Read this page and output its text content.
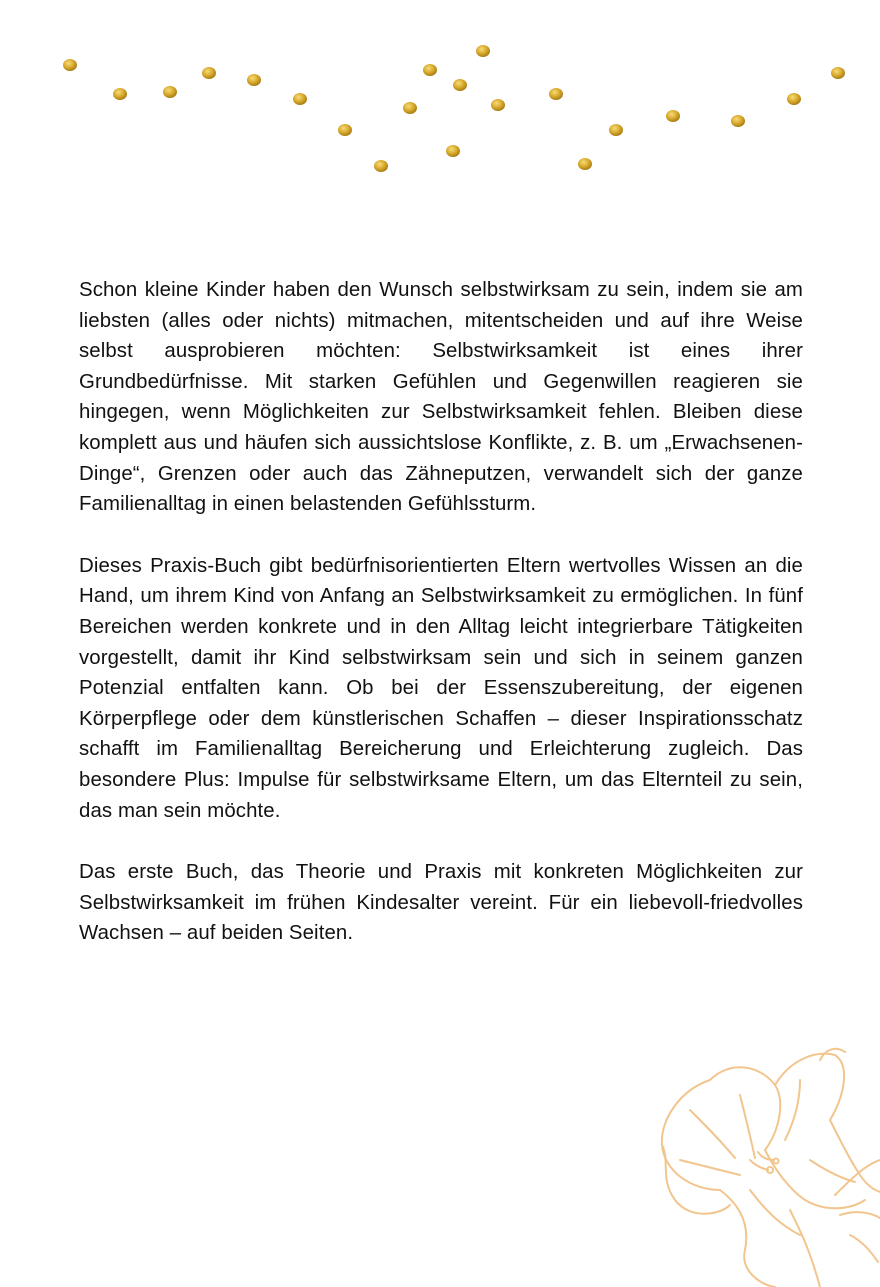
Schon kleine Kinder haben den Wunsch selbstwirksam zu sein, indem sie am liebsten (alles oder nichts) mitmachen, mitentscheiden und auf ihre Weise selbst ausprobieren möchten: Selbstwirksamkeit ist eines ihrer Grundbedürfnisse. Mit starken Gefühlen und Gegenwillen reagieren sie hingegen, wenn Möglichkeiten zur Selbstwirksamkeit fehlen. Bleiben diese komplett aus und häufen sich aussichtslose Konflikte, z. B. um „Erwachsenen-Dinge“, Grenzen oder auch das Zähneputzen, verwandelt sich der ganze Familienalltag in einen belastenden Gefühlssturm.

Dieses Praxis-Buch gibt bedürfnisorientierten Eltern wertvolles Wissen an die Hand, um ihrem Kind von Anfang an Selbstwirksamkeit zu ermöglichen. In fünf Bereichen werden konkrete und in den Alltag leicht integrierbare Tätigkeiten vorgestellt, damit ihr Kind selbstwirksam sein und sich in seinem ganzen Potenzial entfalten kann. Ob bei der Essenszubereitung, der eigenen Körperpflege oder dem künstlerischen Schaffen – dieser Inspirationsschatz schafft im Familienalltag Bereicherung und Erleichterung zugleich. Das besondere Plus: Impulse für selbstwirksame Eltern, um das Elternteil zu sein, das man sein möchte.

Das erste Buch, das Theorie und Praxis mit konkreten Möglichkeiten zur Selbstwirksamkeit im frühen Kindesalter vereint. Für ein liebevoll-friedvolles Wachsen – auf beiden Seiten.
